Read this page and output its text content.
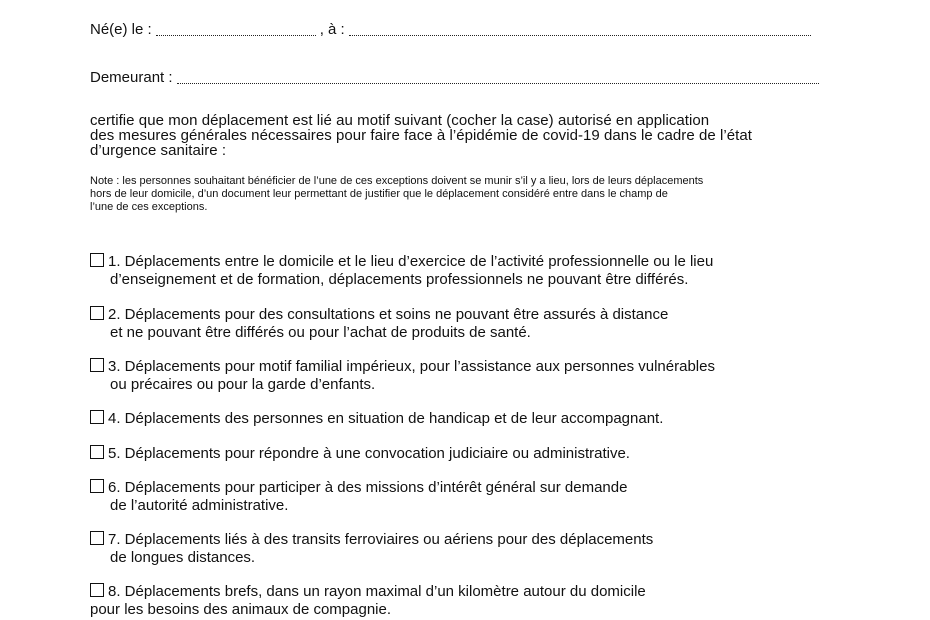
Né(e) le :	, à :
Demeurant :
certifie que mon déplacement est lié au motif suivant (cocher la case) autorisé en application
des mesures générales nécessaires pour faire face à l’épidémie de covid-19 dans le cadre de l’état
d’urgence sanitaire :
Note : les personnes souhaitant bénéficier de l’une de ces exceptions doivent se munir s’il y a lieu, lors de leurs déplacements
hors de leur domicile, d’un document leur permettant de justifier que le déplacement considéré entre dans le champ de
l’une de ces exceptions.
1. Déplacements entre le domicile et le lieu d’exercice de l’activité professionnelle ou le lieu
d’enseignement et de formation, déplacements professionnels ne pouvant être différés.
2. Déplacements pour des consultations et soins ne pouvant être assurés à distance
et ne pouvant être différés ou pour l’achat de produits de santé.
3. Déplacements pour motif familial impérieux, pour l’assistance aux personnes vulnérables
ou précaires ou pour la garde d’enfants.
4. Déplacements des personnes en situation de handicap et de leur accompagnant.
5. Déplacements pour répondre à une convocation judiciaire ou administrative.
6. Déplacements pour participer à des missions d’intérêt général sur demande
de l’autorité administrative.
7. Déplacements liés à des transits ferroviaires ou aériens pour des déplacements
de longues distances.
8. Déplacements brefs, dans un rayon maximal d’un kilomètre autour du domicile
pour les besoins des animaux de compagnie.
